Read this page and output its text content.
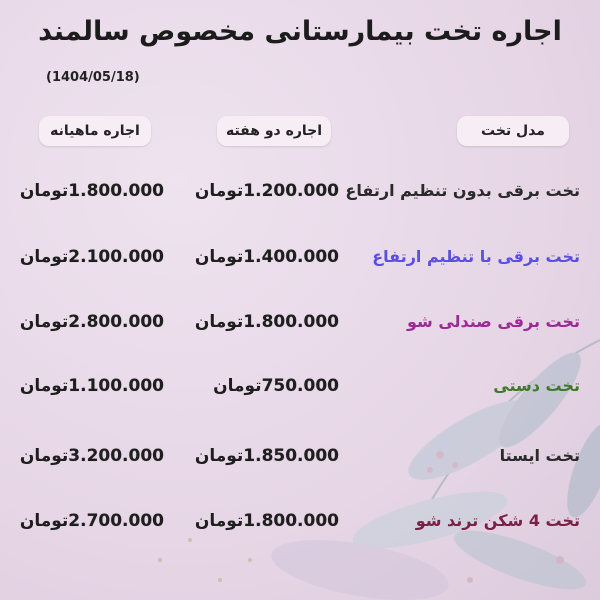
اجاره تخت بیمارستانی مخصوص سالمند
(1404/05/18)
اجاره ماهیانه	اجاره دو هفته	مدل تخت
تخت برقی بدون تنظیم ارتفاع
1.200.000تومان
1.800.000تومان
تخت برقی با تنظیم ارتفاع
1.400.000تومان
2.100.000تومان
تخت برقی صندلی شو
1.800.000تومان
2.800.000تومان
تخت دستی
750.000تومان
1.100.000تومان
تخت ایستا
1.850.000تومان
3.200.000تومان
تخت 4 شکن ترند شو
1.800.000تومان
2.700.000تومان
